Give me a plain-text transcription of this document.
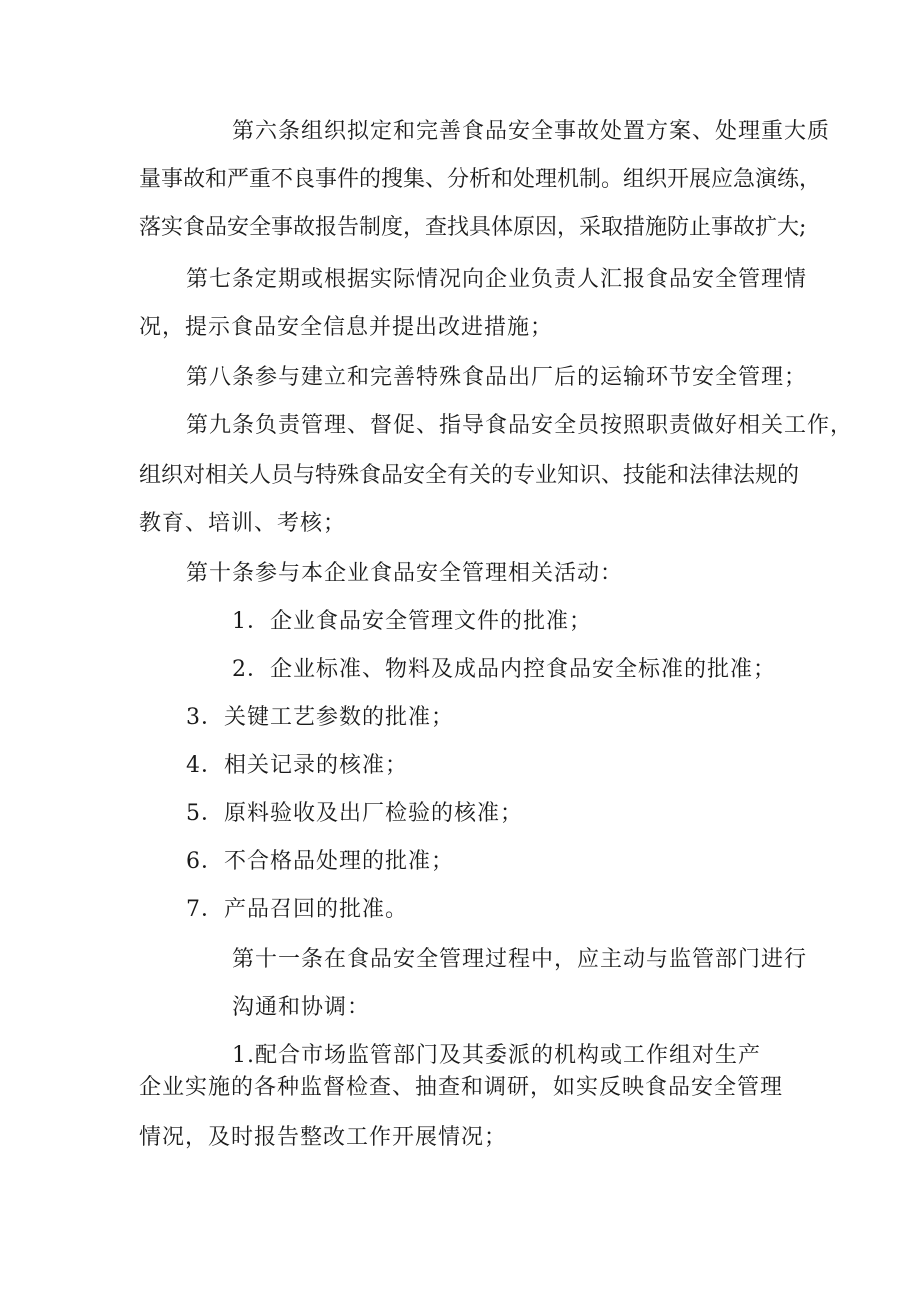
第六条组织拟定和完善食品安全事故处置方案、处理重大质
量事故和严重不良事件的搜集、分析和处理机制。组织开展应急演练，
落实食品安全事故报告制度，查找具体原因，采取措施防止事故扩大;
第七条定期或根据实际情况向企业负责人汇报食品安全管理情
况，提示食品安全信息并提出改进措施；
第八条参与建立和完善特殊食品出厂后的运输环节安全管理；
第九条负责管理、督促、指导食品安全员按照职责做好相关工作，
组织对相关人员与特殊食品安全有关的专业知识、技能和法律法规的
教育、培训、考核；
第十条参与本企业食品安全管理相关活动：
1．企业食品安全管理文件的批准；
2．企业标准、物料及成品内控食品安全标准的批准；
3．关键工艺参数的批准；
4．相关记录的核准；
5．原料验收及出厂检验的核准；
6．不合格品处理的批准；
7．产品召回的批准。
第十一条在食品安全管理过程中，应主动与监管部门进行
沟通和协调：
1.配合市场监管部门及其委派的机构或工作组对生产
企业实施的各种监督检查、抽查和调研，如实反映食品安全管理
情况，及时报告整改工作开展情况；
